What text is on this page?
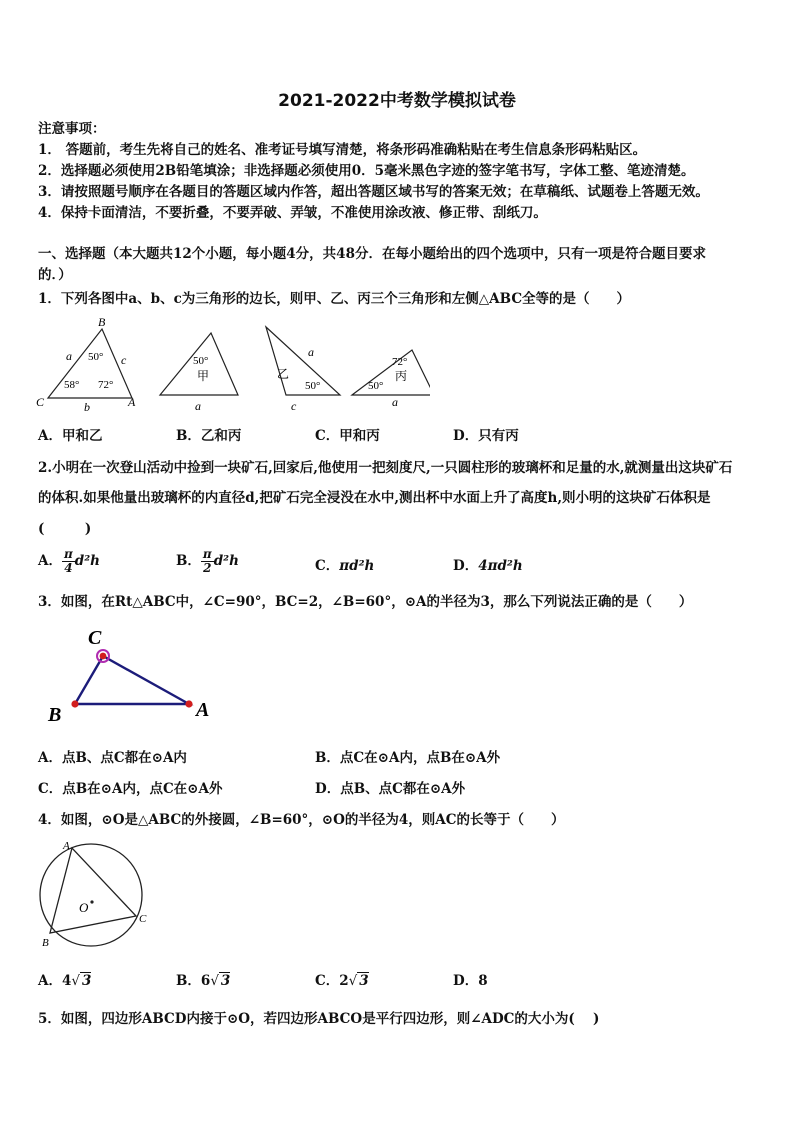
2021-2022中考数学模拟试卷
注意事项：
1． 答题前，考生先将自己的姓名、准考证号填写清楚，将条形码准确粘贴在考生信息条形码粘贴区。
2．选择题必须使用2B铅笔填涂；非选择题必须使用0．5毫米黑色字迹的签字笔书写，字体工整、笔迹清楚。
3．请按照题号顺序在各题目的答题区域内作答，超出答题区域书写的答案无效；在草稿纸、试题卷上答题无效。
4．保持卡面清洁，不要折叠，不要弄破、弄皱，不准使用涂改液、修正带、刮纸刀。
一、选择题（本大题共12个小题，每小题4分，共48分．在每小题给出的四个选项中，只有一项是符合题目要求
的．）
1．下列各图中a、b、c为三角形的边长，则甲、乙、丙三个三角形和左侧△ABC全等的是（　　）
B
C	A
a	c
b
50°
58° 72°
50°
甲
a
乙
a
50°
c
72°
丙
50°
a
A．甲和乙	B．乙和丙	C．甲和丙	D．只有丙
2.小明在一次登山活动中捡到一块矿石,回家后,他使用一把刻度尺,一只圆柱形的玻璃杯和足量的水,就测量出这块矿石
的体积.如果他量出玻璃杯的内直径d,把矿石完全浸没在水中,测出杯中水面上升了高度h,则小明的这块矿石体积是
(　　　)
A． $\frac{\pi}{4} d^2h$	B． $\frac{\pi}{2} d^2h$	C．πd²h	D．4πd²h
3．如图，在Rt△ABC中，∠C=90°，BC=2，∠B=60°，⊙A的半径为3，那么下列说法正确的是（　　）
C
B	A
A．点B、点C都在⊙A内	B．点C在⊙A内，点B在⊙A外
C．点B在⊙A内，点C在⊙A外	D．点B、点C都在⊙A外
4．如图，⊙O是△ABC的外接圆，∠B=60°，⊙O的半径为4，则AC的长等于（　　）
A
B
C
O
A．4√ 3	B．6√ 3	C．2√ 3	D．8
5．如图，四边形ABCD内接于⊙O，若四边形ABCO是平行四边形，则∠ADC的大小为(　 )
